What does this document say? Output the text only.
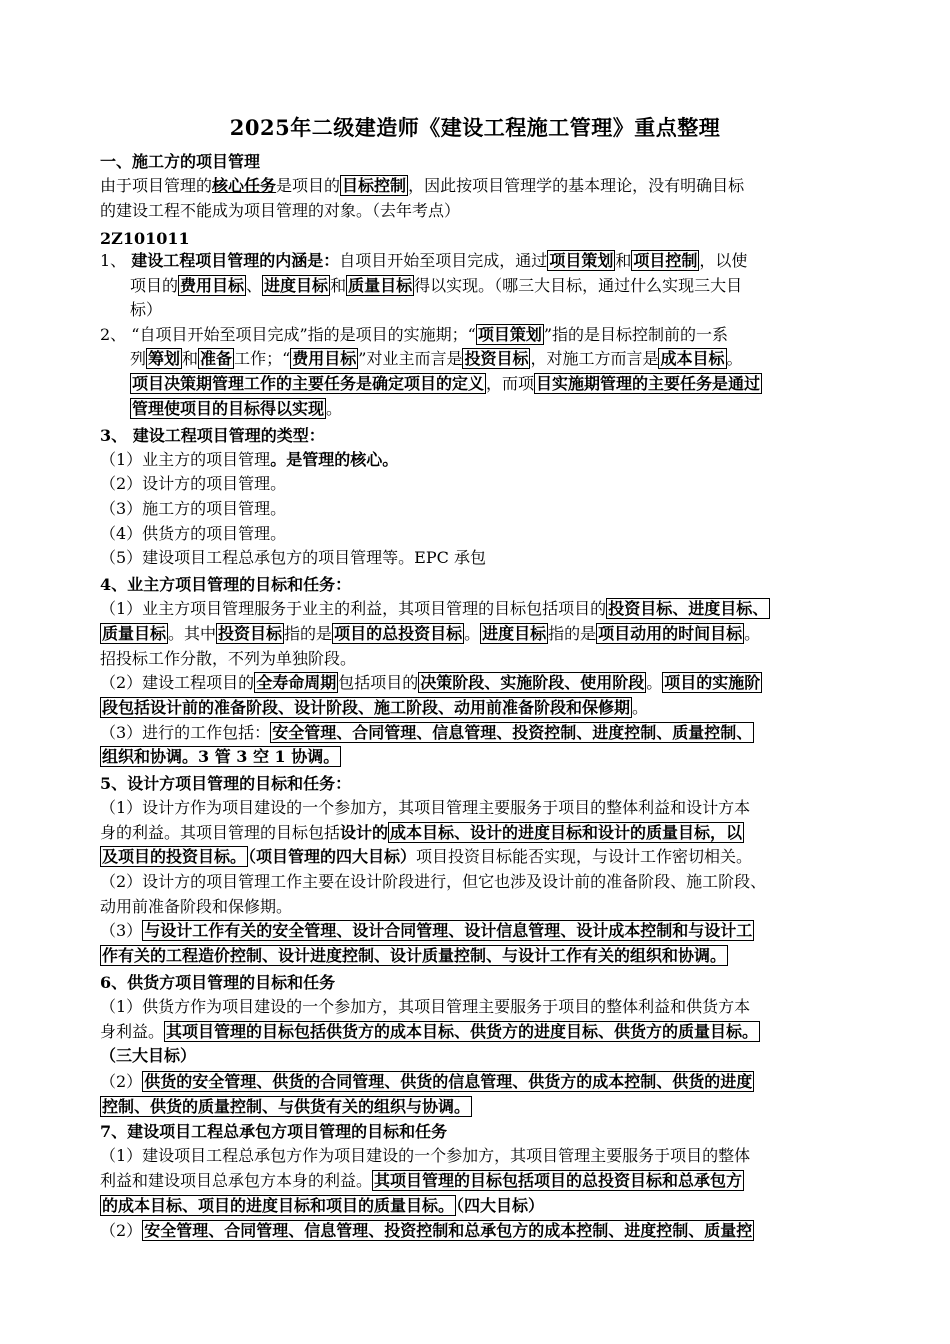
2025年二级建造师《建设工程施工管理》重点整理
一、施工方的项目管理
由于项目管理的核心任务是项目的 目标控制 ，因此按项目管理学的基本理论，没有明确目标
的建设工程不能成为项目管理的对象。（去年考点）
2Z101011
1、 建设工程项目管理的内涵是：自项目开始至项目完成，通过 项目策划 和 项目控制 ，以使
项目的 费用目标 、 进度目标 和 质量目标 得以实现。（哪三大目标，通过什么实现三大目
标）
2、 “自项目开始至项目完成”指的是项目的实施期；“ 项目策划 ”指的是目标控制前的一系
列 筹划 和 准备 工作；“ 费用目标 ”对业主而言是 投资目标 ，对施工方而言是 成本目标 。
项目决策期管理工作的主要任务是确定项目的定义 ，而项 目实施期管理的主要任务是通过
管理使项目的目标得以实现 。
3、 建设工程项目管理的类型：
（1）业主方的项目管理。是管理的核心。
（2）设计方的项目管理。
（3）施工方的项目管理。
（4）供货方的项目管理。
（5）建设项目工程总承包方的项目管理等。EPC 承包
4、业主方项目管理的目标和任务：
（1）业主方项目管理服务于业主的利益，其项目管理的目标包括项目的 投资目标、进度目标、
质量目标 。其中 投资目标 指的是 项目的总投资目标 。 进度目标 指的是 项目动用的时间目标 。
招投标工作分散，不列为单独阶段。
（2）建设工程项目的 全寿命周期 包括项目的 决策阶段、实施阶段、使用阶段 。 项目的实施阶
段包括设计前的准备阶段、设计阶段、施工阶段、动用前准备阶段和保修期 。
（3）进行的工作包括： 安全管理、合同管理、信息管理、投资控制、进度控制、质量控制、
组织和协调。3 管 3 空 1 协调。
5、设计方项目管理的目标和任务：
（1）设计方作为项目建设的一个参加方，其项目管理主要服务于项目的整体利益和设计方本
身的利益。其项目管理的目标包括设计的 成本目标、设计的进度目标和设计的质量目标，以
及项目的投资目标。 （项目管理的四大目标）项目投资目标能否实现，与设计工作密切相关。
（2）设计方的项目管理工作主要在设计阶段进行，但它也涉及设计前的准备阶段、施工阶段、
动用前准备阶段和保修期。
（3） 与设计工作有关的安全管理、设计合同管理、设计信息管理、设计成本控制和与设计工
作有关的工程造价控制、设计进度控制、设计质量控制、与设计工作有关的组织和协调。
6、供货方项目管理的目标和任务
（1）供货方作为项目建设的一个参加方，其项目管理主要服务于项目的整体利益和供货方本
身利益。 其项目管理的目标包括供货方的成本目标、供货方的进度目标、供货方的质量目标。
（三大目标）
（2） 供货的安全管理、供货的合同管理、供货的信息管理、供货方的成本控制、供货的进度
控制、供货的质量控制、与供货有关的组织与协调。
7、建设项目工程总承包方项目管理的目标和任务
（1）建设项目工程总承包方作为项目建设的一个参加方，其项目管理主要服务于项目的整体
利益和建设项目总承包方本身的利益。 其项目管理的目标包括项目的总投资目标和总承包方
的成本目标、项目的进度目标和项目的质量目标。 （四大目标）
（2） 安全管理、合同管理、信息管理、投资控制和总承包方的成本控制、进度控制、质量控
